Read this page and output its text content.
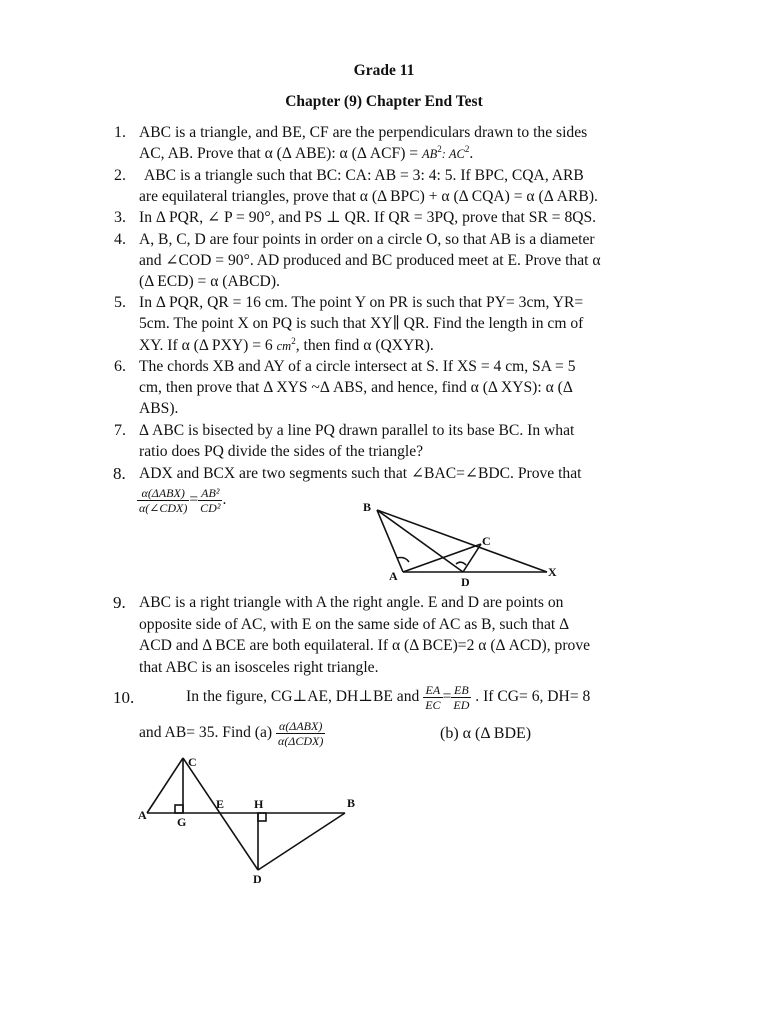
Grade 11
Chapter (9) Chapter End Test
1. ABC is a triangle, and BE, CF are the perpendiculars drawn to the sides
AC, AB. Prove that α (Δ ABE): α (Δ $ACF) = AB^2$: $AC^2$.
2. ABC is a triangle such that BC: CA: AB = 3: 4: 5. If BPC, CQA, ARB
are equilateral triangles, prove that α (Δ BPC) + α (Δ CQA) = α (Δ ARB).
3. In Δ PQR, ∠ P = 90°, and PS ⊥ QR. If QR = 3PQ, prove that SR = 8QS.
4. A, B, C, D are four points in order on a circle O, so that AB is a diameter
and ∠COD = 90°. AD produced and BC produced meet at E. Prove that α
(Δ ECD) = α (ABCD).
5. In Δ PQR, QR = 16 cm. The point Y on PR is such that PY= 3cm, YR=
5cm. The point X on PQ is such that XY∥ QR. Find the length in cm of
XY. If α (Δ PXY) = 6 $cm^2$, then find α (QXYR).
6. The chords XB and AY of a circle intersect at S. If XS = 4 cm, SA = 5
cm, then prove that Δ XYS ~Δ ABS, and hence, find α (Δ XYS): α (Δ
ABS).
7. Δ ABC is bisected by a line PQ drawn parallel to its base BC. In what
ratio does PQ divide the sides of the triangle?
8. ADX and BCX are two segments such that ∠BAC=∠BDC. Prove that
$\frac{\text{α(ΔABX)}}{\text{α(∠CDX)}} = \frac{\text{AB²}}{\text{CD²}}$ .	B
C
A	D
X
9. ABC is a right triangle with A the right angle. E and D are points on
opposite side of AC, with E on the same side of AC as B, such that Δ
ACD and Δ BCE are both equilateral. If α (Δ BCE)=2 α (Δ ACD), prove
that ABC is an isosceles right triangle.
10.	In the figure, CG⊥AE, DH⊥BE and $\frac{EA}{EC} = \frac{EB}{ED}$ . If CG= 6, DH= 8
and AB= 35. Find $(a) \frac{\text{α(ΔABX)}}{\text{α(ΔCDX)}}$	(b) α (Δ BDE)
C
A	G
E H	B
D
